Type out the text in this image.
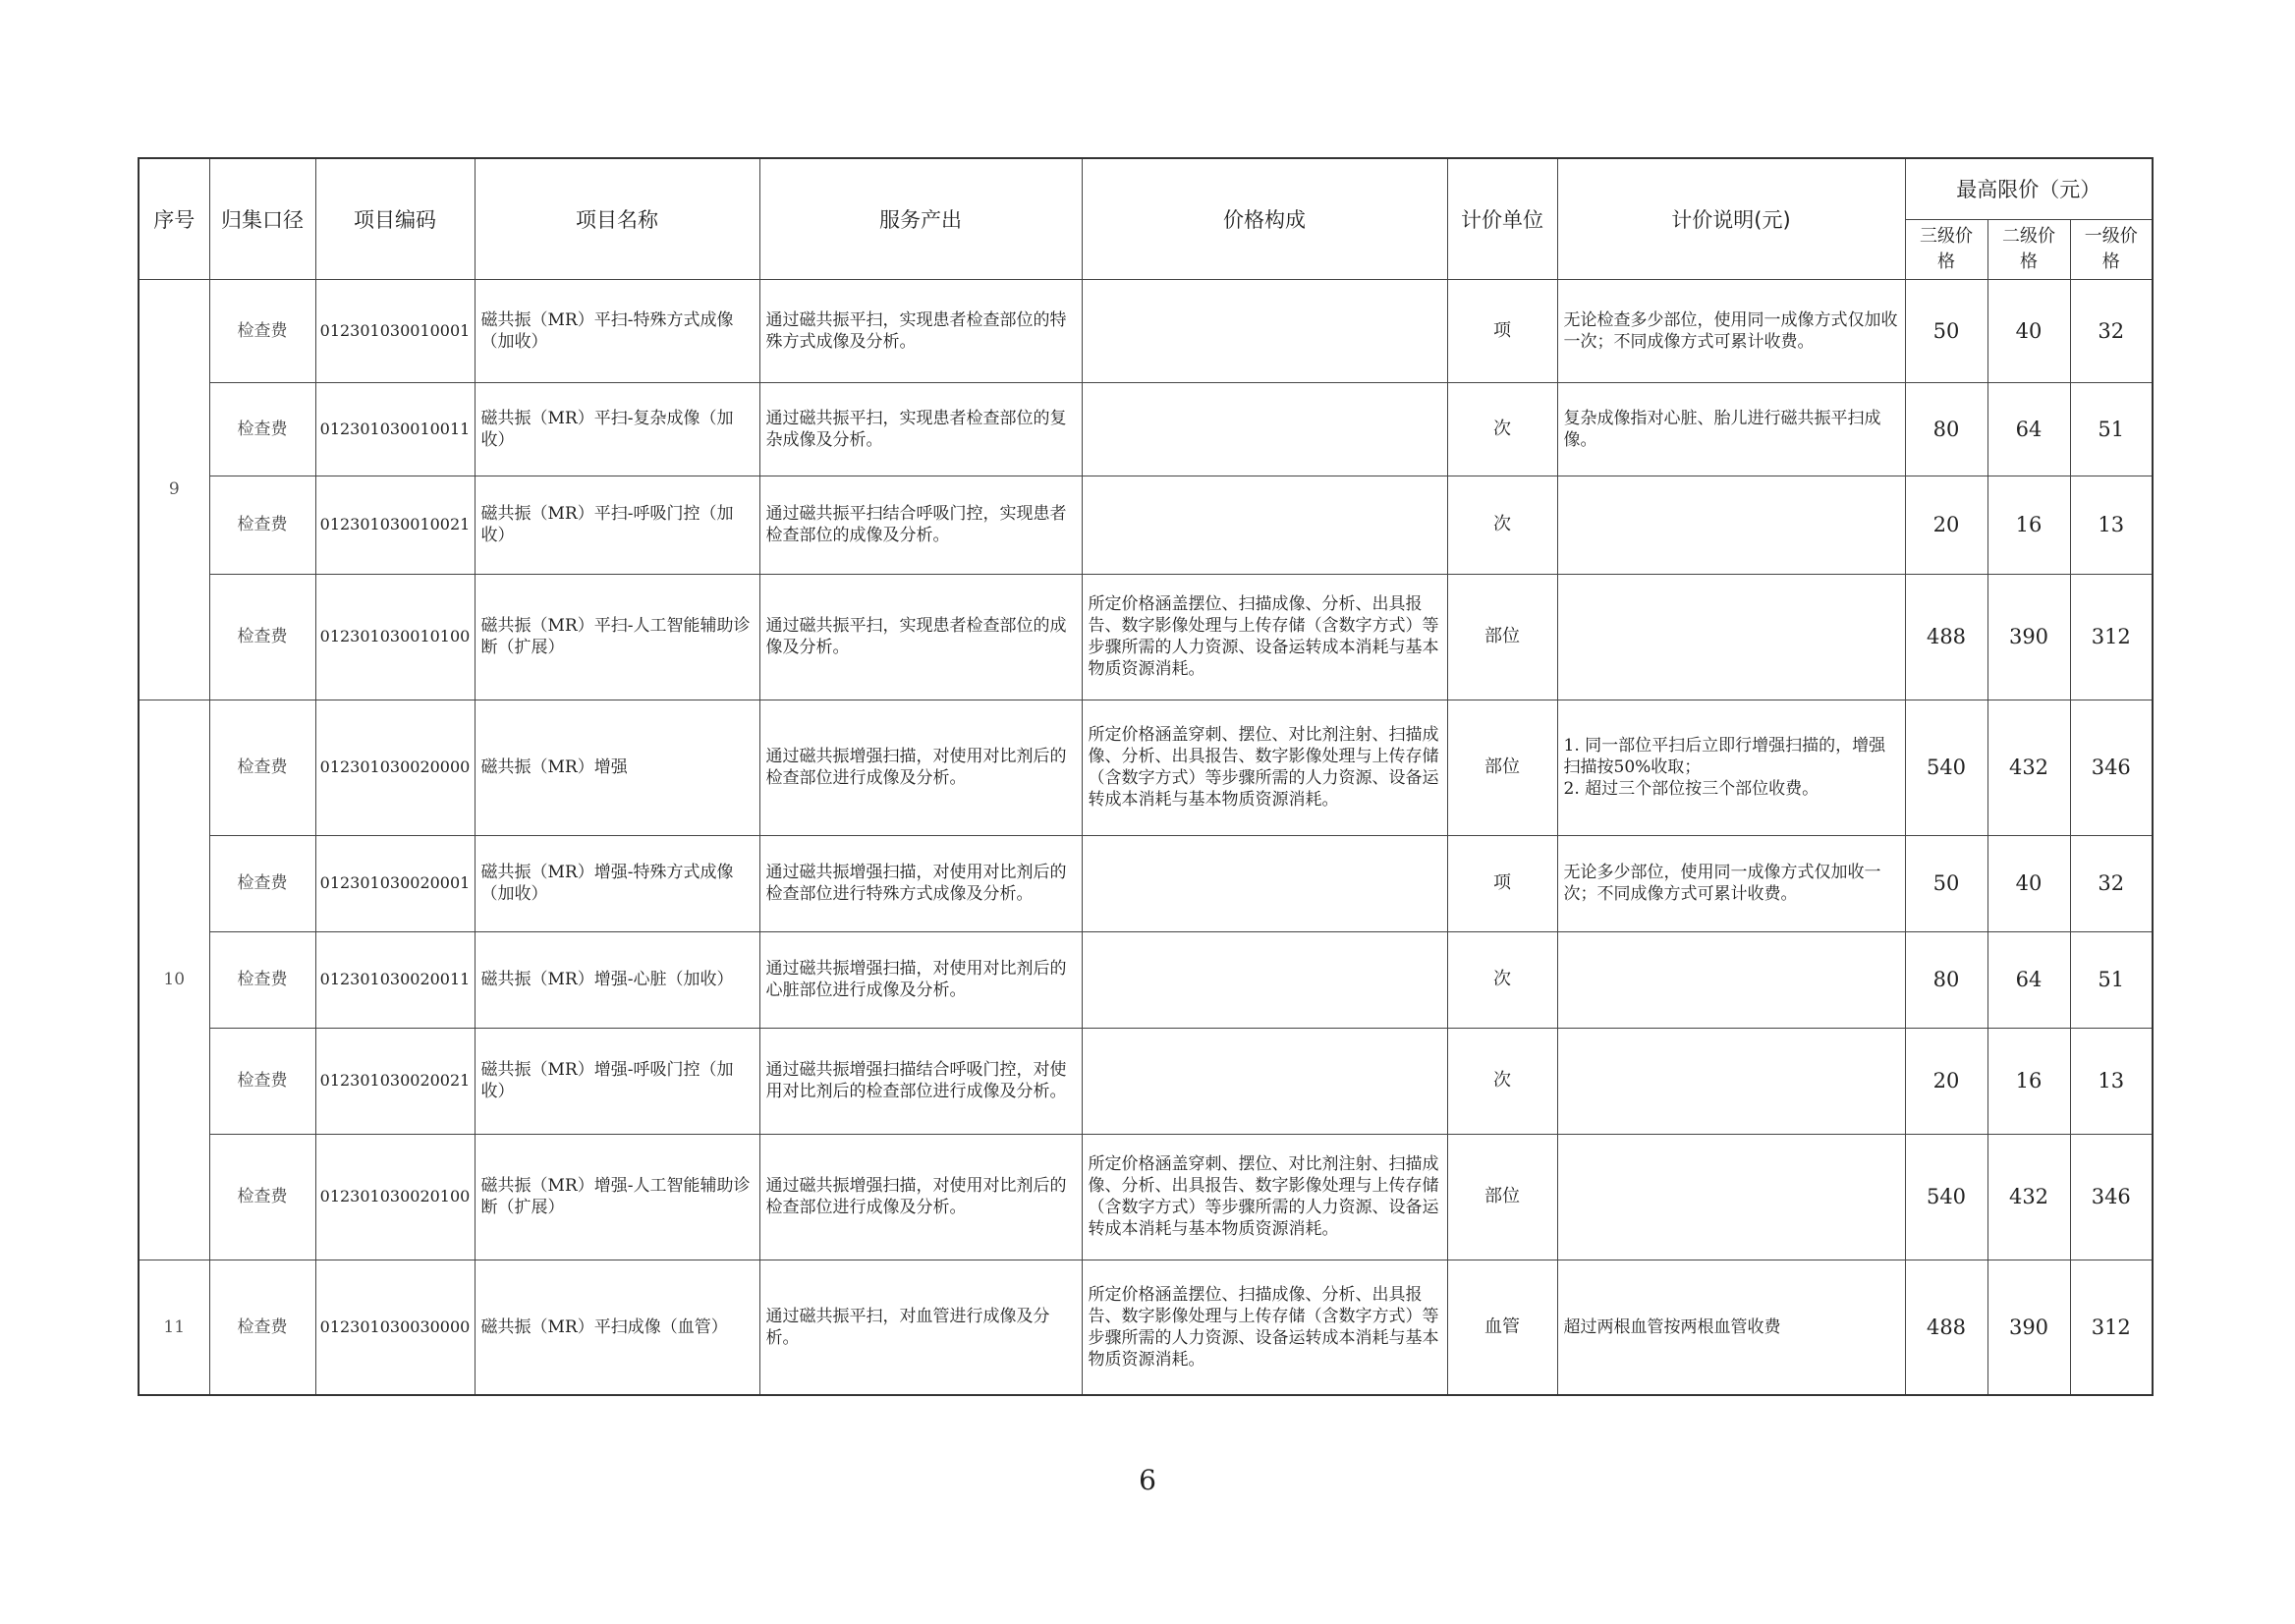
序号	归集口径	项目编码	项目名称	服务产出	价格构成	计价单位	计价说明(元)	最高限价（元）		
								三级价格	二级价格	一级价格
9	检查费	012301030010001	磁共振（MR）平扫-特殊方式成像（加收）	通过磁共振平扫，实现患者检查部位的特殊方式成像及分析。		项	无论检查多少部位，使用同一成像方式仅加收一次；不同成像方式可累计收费。	50	40	32
	检查费	012301030010011	磁共振（MR）平扫-复杂成像（加收）	通过磁共振平扫，实现患者检查部位的复杂成像及分析。		次	复杂成像指对心脏、胎儿进行磁共振平扫成像。	80	64	51
	检查费	012301030010021	磁共振（MR）平扫-呼吸门控（加收）	通过磁共振平扫结合呼吸门控，实现患者检查部位的成像及分析。		次		20	16	13
	检查费	012301030010100	磁共振（MR）平扫-人工智能辅助诊断（扩展）	通过磁共振平扫，实现患者检查部位的成像及分析。	所定价格涵盖摆位、扫描成像、分析、出具报告、数字影像处理与上传存储（含数字方式）等步骤所需的人力资源、设备运转成本消耗与基本物质资源消耗。	部位		488	390	312
10	检查费	012301030020000	磁共振（MR）增强	通过磁共振增强扫描，对使用对比剂后的检查部位进行成像及分析。	所定价格涵盖穿刺、摆位、对比剂注射、扫描成像、分析、出具报告、数字影像处理与上传存储（含数字方式）等步骤所需的人力资源、设备运转成本消耗与基本物质资源消耗。	部位	1. 同一部位平扫后立即行增强扫描的，增强扫描按50%收取；
2. 超过三个部位按三个部位收费。	540	432	346
	检查费	012301030020001	磁共振（MR）增强-特殊方式成像（加收）	通过磁共振增强扫描，对使用对比剂后的检查部位进行特殊方式成像及分析。		项	无论多少部位，使用同一成像方式仅加收一次；不同成像方式可累计收费。	50	40	32
	检查费	012301030020011	磁共振（MR）增强-心脏（加收）	通过磁共振增强扫描，对使用对比剂后的心脏部位进行成像及分析。		次		80	64	51
	检查费	012301030020021	磁共振（MR）增强-呼吸门控（加收）	通过磁共振增强扫描结合呼吸门控，对使用对比剂后的检查部位进行成像及分析。		次		20	16	13
	检查费	012301030020100	磁共振（MR）增强-人工智能辅助诊断（扩展）	通过磁共振增强扫描，对使用对比剂后的检查部位进行成像及分析。	所定价格涵盖穿刺、摆位、对比剂注射、扫描成像、分析、出具报告、数字影像处理与上传存储（含数字方式）等步骤所需的人力资源、设备运转成本消耗与基本物质资源消耗。	部位		540	432	346
11	检查费	012301030030000	磁共振（MR）平扫成像（血管）	通过磁共振平扫，对血管进行成像及分析。	所定价格涵盖摆位、扫描成像、分析、出具报告、数字影像处理与上传存储（含数字方式）等步骤所需的人力资源、设备运转成本消耗与基本物质资源消耗。	血管	超过两根血管按两根血管收费	488	390	312
6
